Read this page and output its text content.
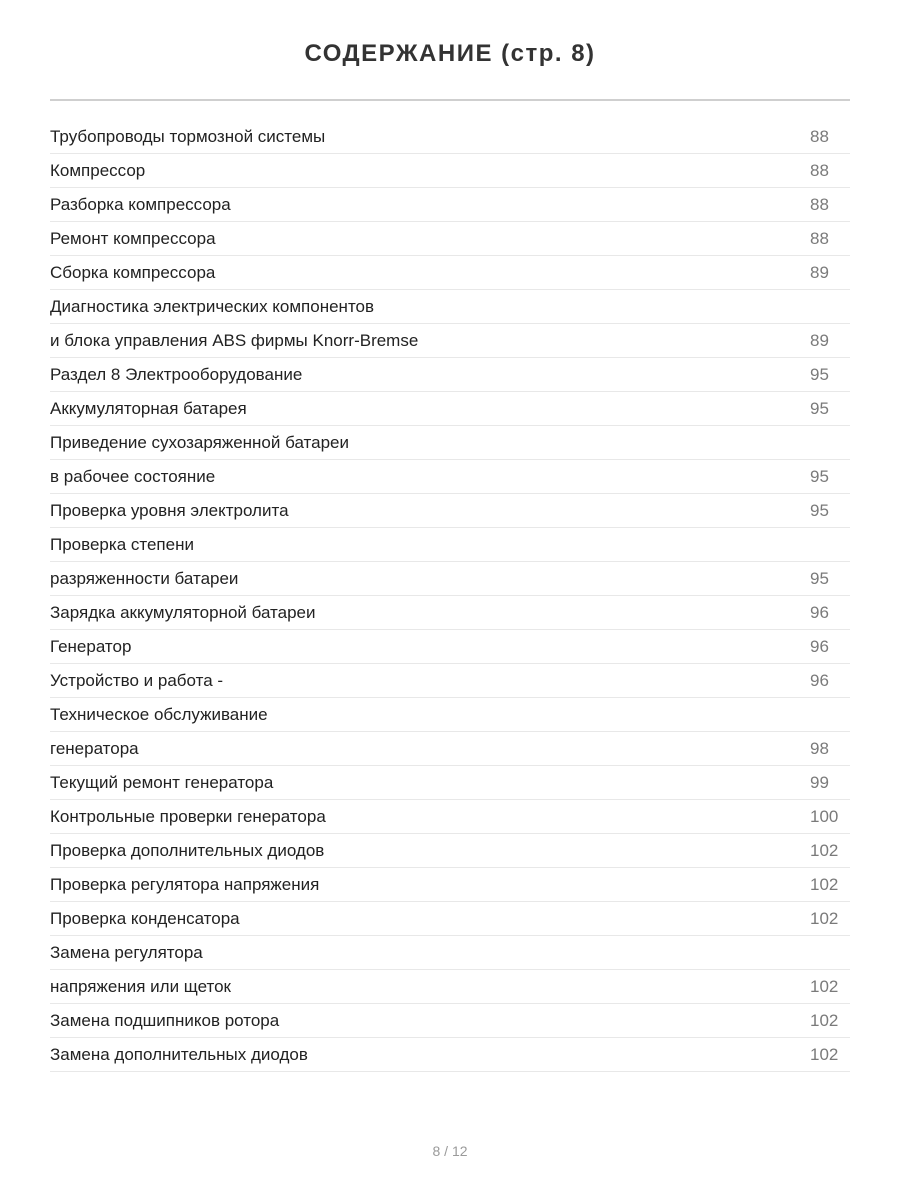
СОДЕРЖАНИЕ (стр. 8)
Трубопроводы тормозной системы	88
Компрессор	88
Разборка компрессора	88
Ремонт компрессора	88
Сборка компрессора	89
Диагностика электрических компонентов
и блока управления ABS фирмы Knorr-Bremse	89
Раздел 8 Электрооборудование	95
Аккумуляторная батарея	95
Приведение сухозаряженной батареи
в рабочее состояние	95
Проверка уровня электролита	95
Проверка степени
разряженности батареи	95
Зарядка аккумуляторной батареи	96
Генератор	96
Устройство и работа -	96
Техническое обслуживание
генератора	98
Текущий ремонт генератора	99
Контрольные проверки генератора	100
Проверка дополнительных диодов	102
Проверка регулятора напряжения	102
Проверка конденсатора	102
Замена регулятора
напряжения или щеток	102
Замена подшипников ротора	102
Замена дополнительных диодов	102
8 / 12
